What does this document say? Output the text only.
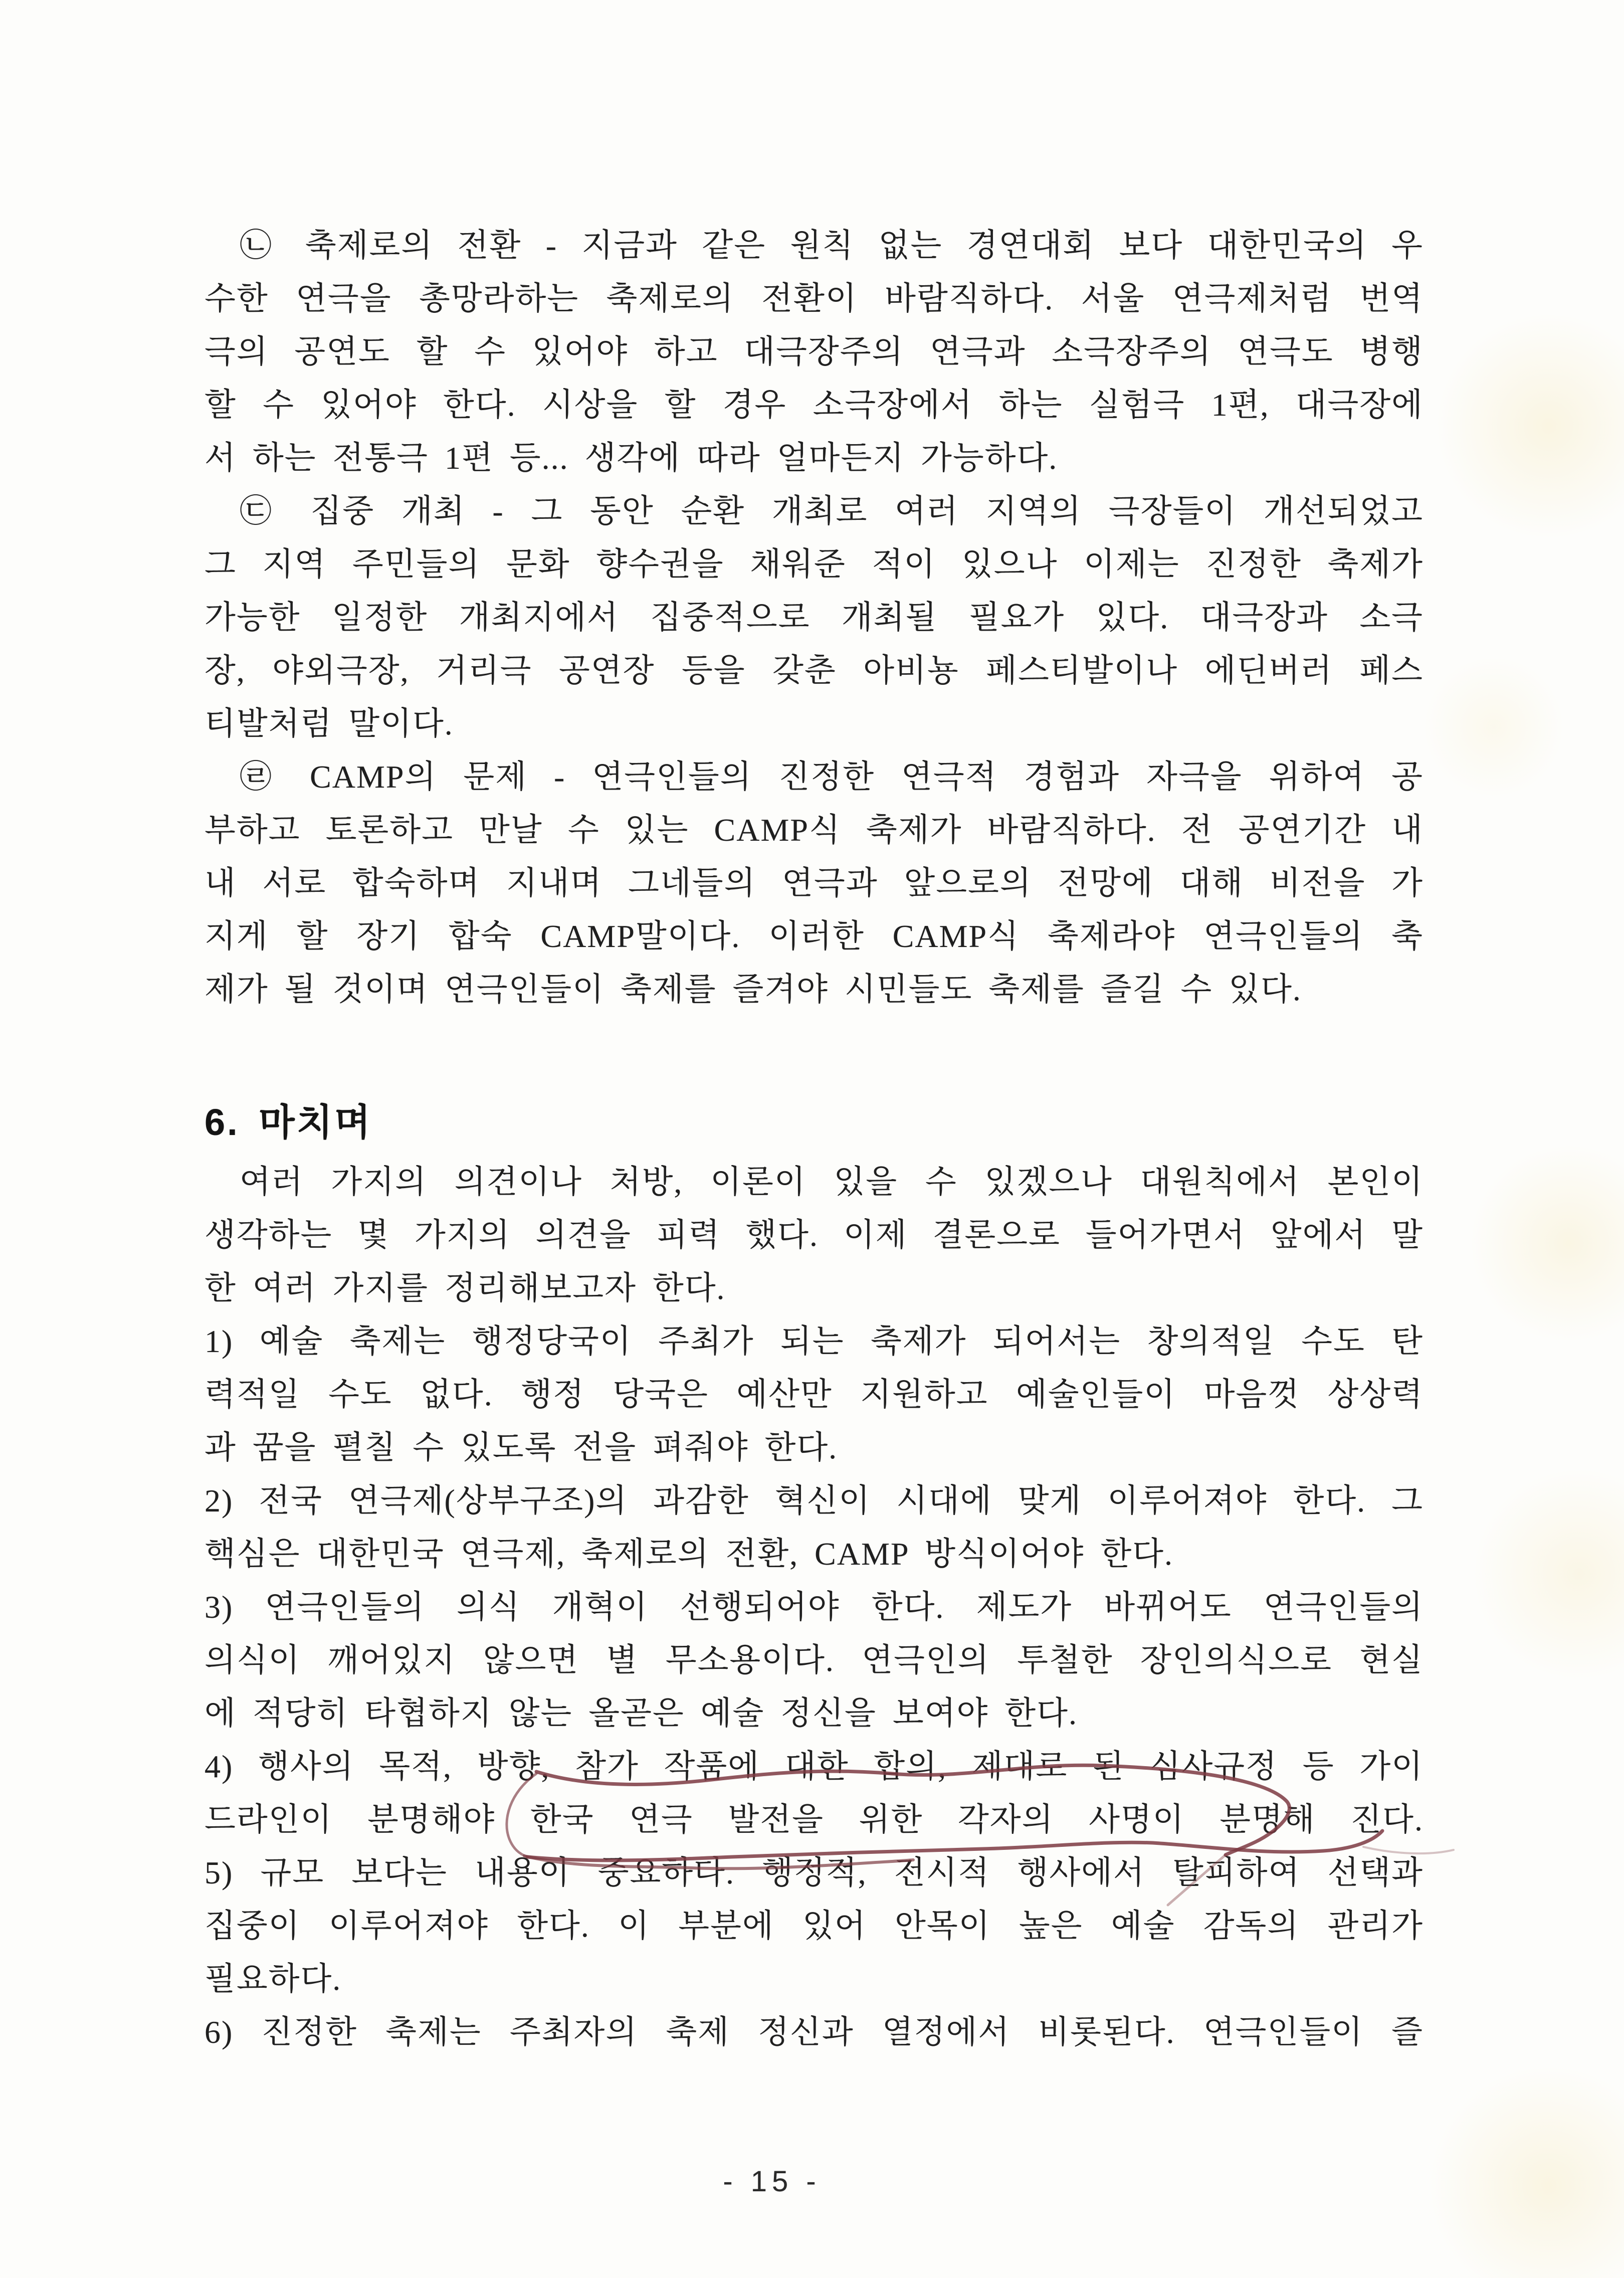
㉡ 축제로의 전환 - 지금과 같은 원칙 없는 경연대회 보다 대한민국의 우
수한 연극을 총망라하는 축제로의 전환이 바람직하다. 서울 연극제처럼 번역
극의 공연도 할 수 있어야 하고 대극장주의 연극과 소극장주의 연극도 병행
할 수 있어야 한다. 시상을 할 경우 소극장에서 하는 실험극 1편, 대극장에
서 하는 전통극 1편 등... 생각에 따라 얼마든지 가능하다.
㉢ 집중 개최 - 그 동안 순환 개최로 여러 지역의 극장들이 개선되었고
그 지역 주민들의 문화 향수권을 채워준 적이 있으나 이제는 진정한 축제가
가능한 일정한 개최지에서 집중적으로 개최될 필요가 있다. 대극장과 소극
장, 야외극장, 거리극 공연장 등을 갖춘 아비뇽 페스티발이나 에딘버러 페스
티발처럼 말이다.
㉣ CAMP의 문제 - 연극인들의 진정한 연극적 경험과 자극을 위하여 공
부하고 토론하고 만날 수 있는 CAMP식 축제가 바람직하다. 전 공연기간 내
내 서로 합숙하며 지내며 그네들의 연극과 앞으로의 전망에 대해 비전을 가
지게 할 장기 합숙 CAMP말이다. 이러한 CAMP식 축제라야 연극인들의 축
제가 될 것이며 연극인들이 축제를 즐겨야 시민들도 축제를 즐길 수 있다.
6. 마치며
여러 가지의 의견이나 처방, 이론이 있을 수 있겠으나 대원칙에서 본인이
생각하는 몇 가지의 의견을 피력 했다. 이제 결론으로 들어가면서 앞에서 말
한 여러 가지를 정리해보고자 한다.
1) 예술 축제는 행정당국이 주최가 되는 축제가 되어서는 창의적일 수도 탄
력적일 수도 없다. 행정 당국은 예산만 지원하고 예술인들이 마음껏 상상력
과 꿈을 펼칠 수 있도록 전을 펴줘야 한다.
2) 전국 연극제(상부구조)의 과감한 혁신이 시대에 맞게 이루어져야 한다. 그
핵심은 대한민국 연극제, 축제로의 전환, CAMP 방식이어야 한다.
3) 연극인들의 의식 개혁이 선행되어야 한다. 제도가 바뀌어도 연극인들의
의식이 깨어있지 않으면 별 무소용이다. 연극인의 투철한 장인의식으로 현실
에 적당히 타협하지 않는 올곧은 예술 정신을 보여야 한다.
4) 행사의 목적, 방향, 참가 작품에 대한 합의, 제대로 된 심사규정 등 가이
드라인이 분명해야 한국 연극 발전을 위한 각자의 사명이 분명해 진다.
5) 규모 보다는 내용이 중요하다. 행정적, 전시적 행사에서 탈피하여 선택과
집중이 이루어져야 한다. 이 부분에 있어 안목이 높은 예술 감독의 관리가
필요하다.
6) 진정한 축제는 주최자의 축제 정신과 열정에서 비롯된다. 연극인들이 즐
- 15 -
